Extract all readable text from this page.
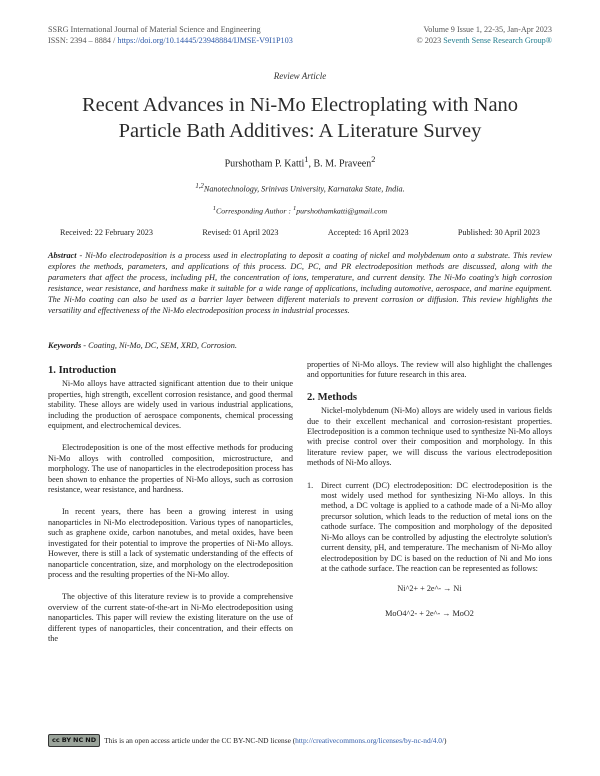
SSRG International Journal of Material Science and Engineering
ISSN: 2394 – 8884 / https://doi.org/10.14445/23948884/IJMSE-V9I1P103
Volume 9 Issue 1, 22-35, Jan-Apr 2023
© 2023 Seventh Sense Research Group®
Review Article
Recent Advances in Ni-Mo Electroplating with Nano
Particle Bath Additives: A Literature Survey
Purshotham P. Katti$^1$, B. M. Praveen$^2$
$^{1,2}$Nanotechnology, Srinivas University, Karnataka State, India.
$^1$Corresponding Author : $^1$purshothamkatti@gmail.com
Received: 22 February 2023	Revised: 01 April 2023	Accepted: 16 April 2023	Published: 30 April 2023
Abstract - Ni-Mo electrodeposition is a process used in electroplating to deposit a coating of nickel and molybdenum onto a substrate. This review explores the methods, parameters, and applications of this process. DC, PC, and PR electrodeposition methods are discussed, along with the parameters that affect the process, including pH, the concentration of ions, temperature, and current density. The Ni-Mo coating's high corrosion resistance, wear resistance, and hardness make it suitable for a wide range of applications, including automotive, aerospace, and marine equipment. The Ni-Mo coating can also be used as a barrier layer between different materials to prevent corrosion or diffusion. This review highlights the versatility and effectiveness of the Ni-Mo electrodeposition process in industrial processes.
Keywords - Coating, Ni-Mo, DC, SEM, XRD, Corrosion.
1. Introduction

Ni-Mo alloys have attracted significant attention due to their unique properties, high strength, excellent corrosion resistance, and good thermal stability. These alloys are widely used in various industrial applications, including the production of aerospace components, chemical processing equipment, and electrochemical devices.

Electrodeposition is one of the most effective methods for producing Ni-Mo alloys with controlled composition, microstructure, and morphology. The use of nanoparticles in the electrodeposition process has been shown to enhance the properties of Ni-Mo alloys, such as corrosion resistance, wear resistance, and hardness.

In recent years, there has been a growing interest in using nanoparticles in Ni-Mo electrodeposition. Various types of nanoparticles, such as graphene oxide, carbon nanotubes, and metal oxides, have been investigated for their potential to improve the properties of Ni-Mo alloys. However, there is still a lack of systematic understanding of the effects of nanoparticle concentration, size, and morphology on the electrodeposition process and the resulting properties of the Ni-Mo alloy.

The objective of this literature review is to provide a comprehensive overview of the current state-of-the-art in Ni-Mo electrodeposition using nanoparticles. This paper will review the existing literature on the use of different types of nanoparticles, their concentration, and their effects on the

properties of Ni-Mo alloys. The review will also highlight the challenges and opportunities for future research in this area.

2. Methods

Nickel-molybdenum (Ni-Mo) alloys are widely used in various fields due to their excellent mechanical and corrosion-resistant properties. Electrodeposition is a common technique used to synthesize Ni-Mo alloys with precise control over their composition and morphology. In this literature review paper, we will discuss the various electrodeposition methods of Ni-Mo alloys.

1. Direct current (DC) electrodeposition: DC electrodeposition is the most widely used method for synthesizing Ni-Mo alloys. In this method, a DC voltage is applied to a cathode made of a Ni-Mo alloy precursor solution, which leads to the reduction of metal ions on the cathode surface. The composition and morphology of the deposited Ni-Mo alloys can be controlled by adjusting the electrolyte solution's current density, pH, and temperature. The mechanism of Ni-Mo alloy electrodeposition by DC is based on the reduction of Ni and Mo ions at the cathode surface. The reaction can be represented as follows:
Ni^2+ + 2e^- → Ni
MoO4^2- + 2e^- → MoO2
cc BY NC ND This is an open access article under the CC BY-NC-ND license ( http://creativecommons.org/licenses/by-nc-nd/4.0/ )
